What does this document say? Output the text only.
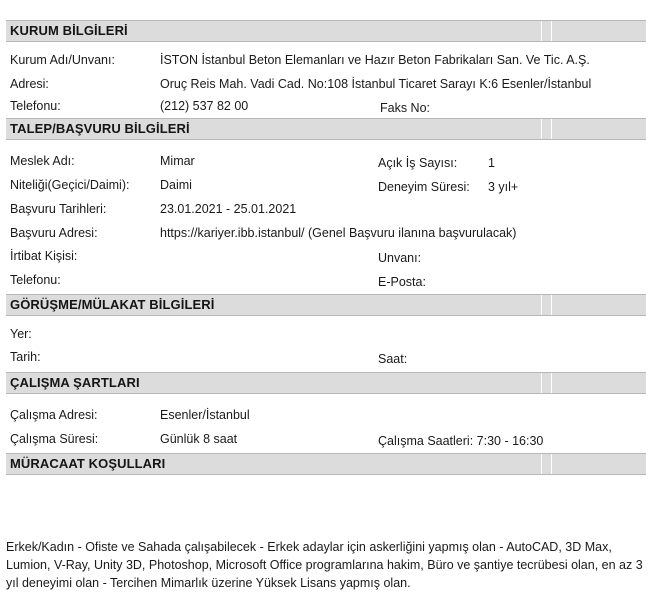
KURUM BİLGİLERİ
Kurum Adı/Unvanı:	İSTON İstanbul Beton Elemanları ve Hazır Beton Fabrikaları San. Ve Tic. A.Ş.
Adresi:	Oruç Reis Mah. Vadi Cad. No:108 İstanbul Ticaret Sarayı K:6 Esenler/İstanbul
Telefonu:	(212) 537 82 00	Faks No:
TALEP/BAŞVURU BİLGİLERİ
Meslek Adı:	Mimar	Açık İş Sayısı: 1
Niteliği(Geçici/Daimi): Daimi	Deneyim Süresi: 3 yıl+
Başvuru Tarihleri:	23.01.2021 - 25.01.2021
Başvuru Adresi:	https://kariyer.ibb.istanbul/ (Genel Başvuru ilanına başvurulacak)
İrtibat Kişisi:	Unvanı:
Telefonu:	E-Posta:
GÖRÜŞME/MÜLAKAT BİLGİLERİ
Yer:
Tarih:	Saat:
ÇALIŞMA ŞARTLARI
Çalışma Adresi:	Esenler/İstanbul
Çalışma Süresi:	Günlük 8 saat	Çalışma Saatleri: 7:30 - 16:30
MÜRACAAT KOŞULLARI
Erkek/Kadın - Ofiste ve Sahada çalışabilecek - Erkek adaylar için askerliğini yapmış olan - AutoCAD, 3D Max, Lumion, V-Ray, Unity 3D, Photoshop, Microsoft Office programlarına hakim, Büro ve şantiye tecrübesi olan, en az 3 yıl deneyimi olan - Tercihen Mimarlık üzerine Yüksek Lisans yapmış olan.
